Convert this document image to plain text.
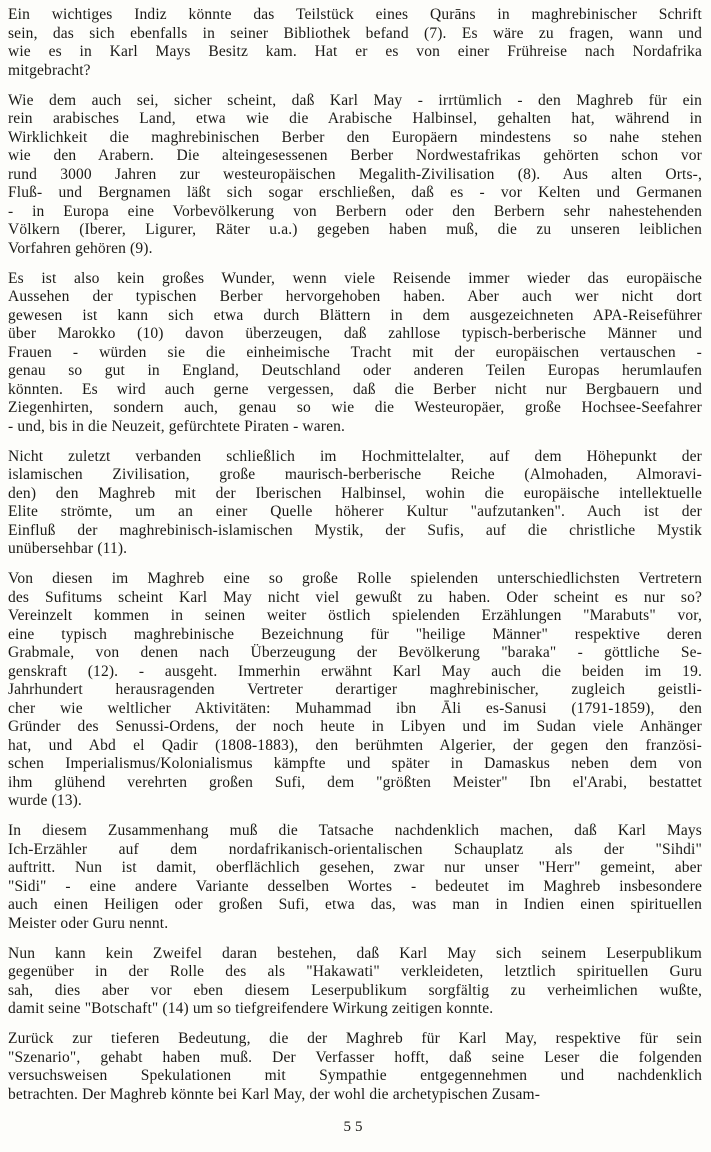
Ein wichtiges Indiz könnte das Teilstück eines Qurāns in maghrebinischer Schrift
sein, das sich ebenfalls in seiner Bibliothek befand (7). Es wäre zu fragen, wann und
wie es in Karl Mays Besitz kam. Hat er es von einer Frühreise nach Nordafrika
mitgebracht?
Wie dem auch sei, sicher scheint, daß Karl May - irrtümlich - den Maghreb für ein
rein arabisches Land, etwa wie die Arabische Halbinsel, gehalten hat, während in
Wirklichkeit die maghrebinischen Berber den Europäern mindestens so nahe stehen
wie den Arabern. Die alteingesessenen Berber Nordwestafrikas gehörten schon vor
rund 3000 Jahren zur westeuropäischen Megalith-Zivilisation (8). Aus alten Orts-,
Fluß- und Bergnamen läßt sich sogar erschließen, daß es - vor Kelten und Germanen
- in Europa eine Vorbevölkerung von Berbern oder den Berbern sehr nahestehenden
Völkern (Iberer, Ligurer, Räter u.a.) gegeben haben muß, die zu unseren leiblichen
Vorfahren gehören (9).
Es ist also kein großes Wunder, wenn viele Reisende immer wieder das europäische
Aussehen der typischen Berber hervorgehoben haben. Aber auch wer nicht dort
gewesen ist kann sich etwa durch Blättern in dem ausgezeichneten APA-Reiseführer
über Marokko (10) davon überzeugen, daß zahllose typisch-berberische Männer und
Frauen - würden sie die einheimische Tracht mit der europäischen vertauschen -
genau so gut in England, Deutschland oder anderen Teilen Europas herumlaufen
könnten. Es wird auch gerne vergessen, daß die Berber nicht nur Bergbauern und
Ziegenhirten, sondern auch, genau so wie die Westeuropäer, große Hochsee-Seefahrer
- und, bis in die Neuzeit, gefürchtete Piraten - waren.
Nicht zuletzt verbanden schließlich im Hochmittelalter, auf dem Höhepunkt der
islamischen Zivilisation, große maurisch-berberische Reiche (Almohaden, Almoravi-
den) den Maghreb mit der Iberischen Halbinsel, wohin die europäische intellektuelle
Elite strömte, um an einer Quelle höherer Kultur "aufzutanken". Auch ist der
Einfluß der maghrebinisch-islamischen Mystik, der Sufis, auf die christliche Mystik
unübersehbar (11).
Von diesen im Maghreb eine so große Rolle spielenden unterschiedlichsten Vertretern
des Sufitums scheint Karl May nicht viel gewußt zu haben. Oder scheint es nur so?
Vereinzelt kommen in seinen weiter östlich spielenden Erzählungen "Marabuts" vor,
eine typisch maghrebinische Bezeichnung für "heilige Männer" respektive deren
Grabmale, von denen nach Überzeugung der Bevölkerung "baraka" - göttliche Se-
genskraft (12). - ausgeht. Immerhin erwähnt Karl May auch die beiden im 19.
Jahrhundert herausragenden Vertreter derartiger maghrebinischer, zugleich geistli-
cher wie weltlicher Aktivitäten: Muhammad ibn Āli es-Sanusi (1791-1859), den
Gründer des Senussi-Ordens, der noch heute in Libyen und im Sudan viele Anhänger
hat, und Abd el Qadir (1808-1883), den berühmten Algerier, der gegen den französi-
schen Imperialismus/Kolonialismus kämpfte und später in Damaskus neben dem von
ihm glühend verehrten großen Sufi, dem "größten Meister" Ibn el'Arabi, bestattet
wurde (13).
In diesem Zusammenhang muß die Tatsache nachdenklich machen, daß Karl Mays
Ich-Erzähler auf dem nordafrikanisch-orientalischen Schauplatz als der "Sihdi"
auftritt. Nun ist damit, oberflächlich gesehen, zwar nur unser "Herr" gemeint, aber
"Sidi" - eine andere Variante desselben Wortes - bedeutet im Maghreb insbesondere
auch einen Heiligen oder großen Sufi, etwa das, was man in Indien einen spirituellen
Meister oder Guru nennt.
Nun kann kein Zweifel daran bestehen, daß Karl May sich seinem Leserpublikum
gegenüber in der Rolle des als "Hakawati" verkleideten, letztlich spirituellen Guru
sah, dies aber vor eben diesem Leserpublikum sorgfältig zu verheimlichen wußte,
damit seine "Botschaft" (14) um so tiefgreifendere Wirkung zeitigen konnte.
Zurück zur tieferen Bedeutung, die der Maghreb für Karl May, respektive für sein
"Szenario", gehabt haben muß. Der Verfasser hofft, daß seine Leser die folgenden
versuchsweisen Spekulationen mit Sympathie entgegennehmen und nachdenklich
betrachten. Der Maghreb könnte bei Karl May, der wohl die archetypischen Zusam-
55
